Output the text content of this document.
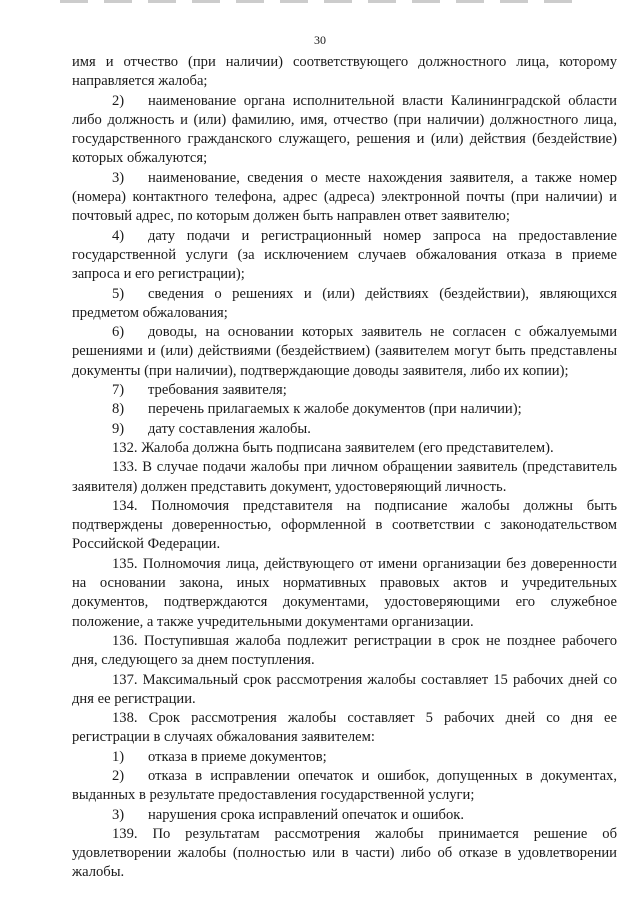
30

имя и отчество (при наличии) соответствующего должностного лица, которому направляется жалоба;

2) наименование органа исполнительной власти Калининградской области либо должность и (или) фамилию, имя, отчество (при наличии) должностного лица, государственного гражданского служащего, решения и (или) действия (бездействие) которых обжалуются;

3) наименование, сведения о месте нахождения заявителя, а также номер (номера) контактного телефона, адрес (адреса) электронной почты (при наличии) и почтовый адрес, по которым должен быть направлен ответ заявителю;

4) дату подачи и регистрационный номер запроса на предоставление государственной услуги (за исключением случаев обжалования отказа в приеме запроса и его регистрации);

5) сведения о решениях и (или) действиях (бездействии), являющихся предметом обжалования;

6) доводы, на основании которых заявитель не согласен с обжалуемыми решениями и (или) действиями (бездействием) (заявителем могут быть представлены документы (при наличии), подтверждающие доводы заявителя, либо их копии);

7) требования заявителя;

8) перечень прилагаемых к жалобе документов (при наличии);

9) дату составления жалобы.

132. Жалоба должна быть подписана заявителем (его представителем).

133. В случае подачи жалобы при личном обращении заявитель (представитель заявителя) должен представить документ, удостоверяющий личность.

134. Полномочия представителя на подписание жалобы должны быть подтверждены доверенностью, оформленной в соответствии с законодательством Российской Федерации.

135. Полномочия лица, действующего от имени организации без доверенности на основании закона, иных нормативных правовых актов и учредительных документов, подтверждаются документами, удостоверяющими его служебное положение, а также учредительными документами организации.

136. Поступившая жалоба подлежит регистрации в срок не позднее рабочего дня, следующего за днем поступления.

137. Максимальный срок рассмотрения жалобы составляет 15 рабочих дней со дня ее регистрации.

138. Срок рассмотрения жалобы составляет 5 рабочих дней со дня ее регистрации в случаях обжалования заявителем:

1) отказа в приеме документов;

2) отказа в исправлении опечаток и ошибок, допущенных в документах, выданных в результате предоставления государственной услуги;

3) нарушения срока исправлений опечаток и ошибок.

139. По результатам рассмотрения жалобы принимается решение об удовлетворении жалобы (полностью или в части) либо об отказе в удовлетворении жалобы.
